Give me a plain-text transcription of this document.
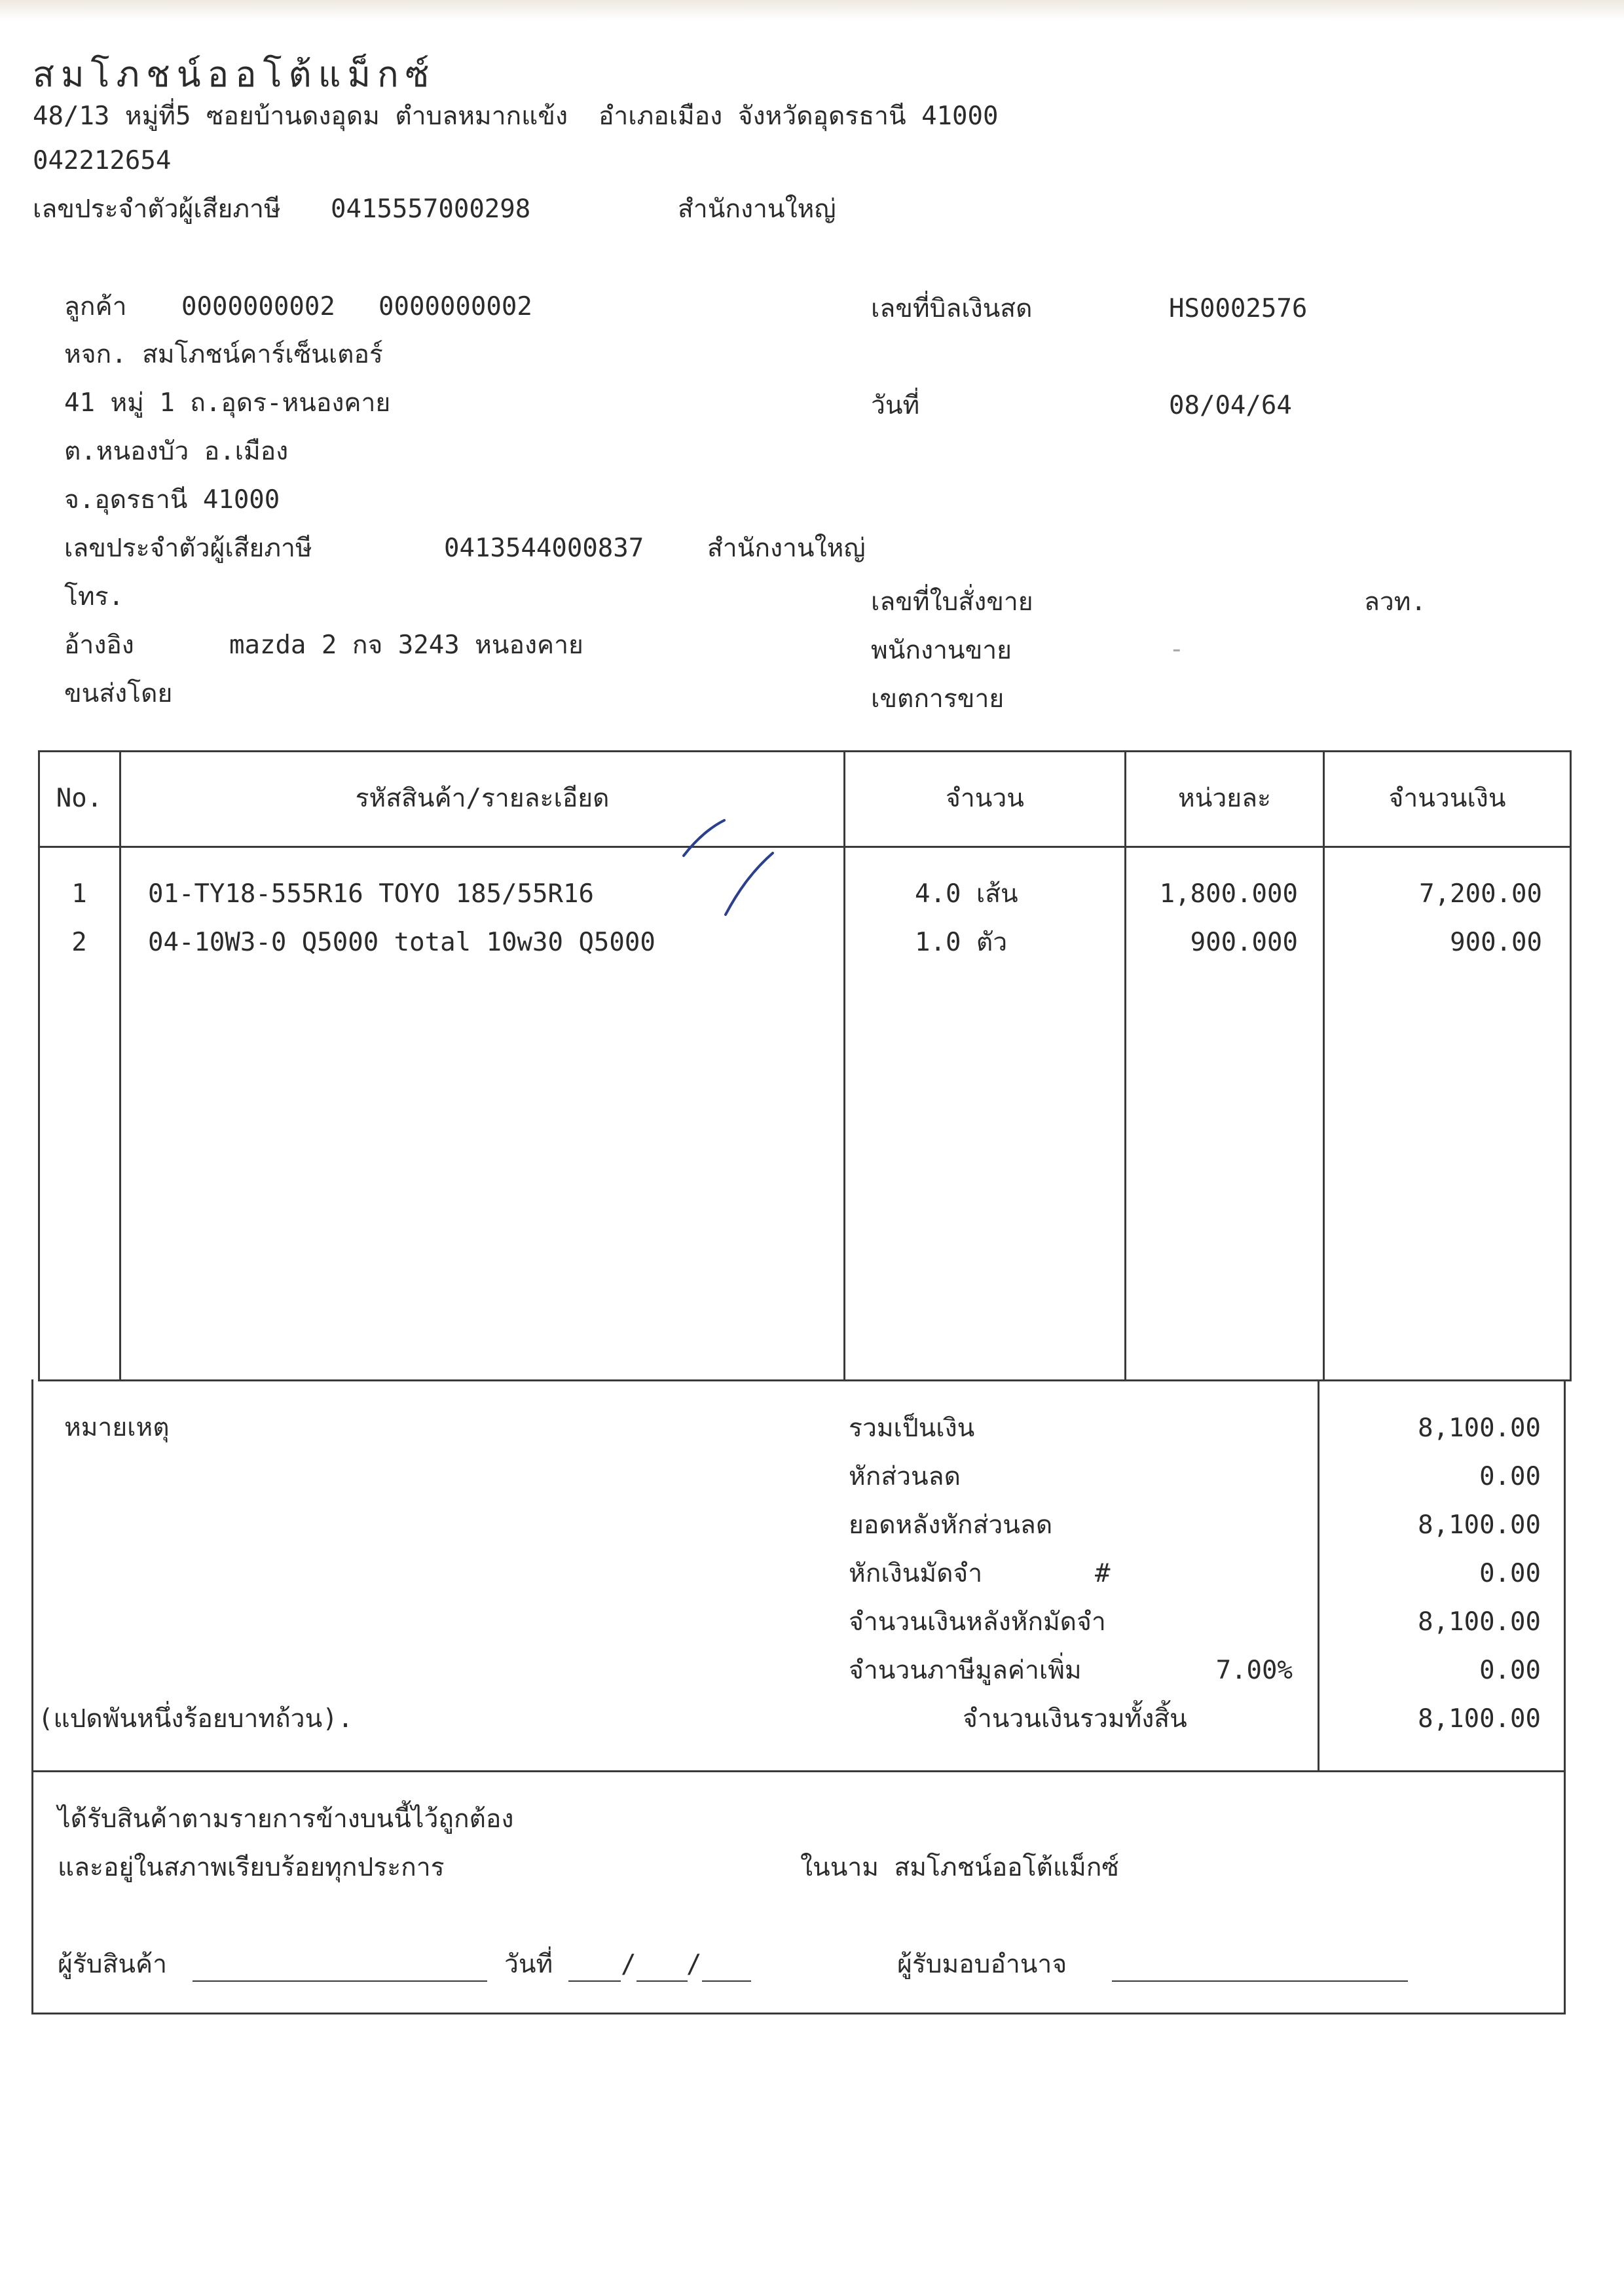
สมโภชน์ออโต้แม็กซ์
48/13 หมู่ที่5 ซอยบ้านดงอุดม ตำบลหมากแข้ง  อำเภอเมือง จังหวัดอุดรธานี 41000
042212654
เลขประจำตัวผู้เสียภาษี 0415557000298	สำนักงานใหญ่
ลูกค้า 0000000002 0000000002
หจก. สมโภชน์คาร์เซ็นเตอร์
41 หมู่ 1 ถ.อุดร-หนองคาย
ต.หนองบัว อ.เมือง
จ.อุดรธานี 41000
เลขประจำตัวผู้เสียภาษี	0413544000837 สำนักงานใหญ่
โทร.
อ้างอิง	mazda 2 กจ 3243 หนองคาย
ขนส่งโดย
เลขที่บิลเงินสด	HS0002576
วันที่	08/04/64
เลขที่ใบสั่งขาย	ลวท.
พนักงานขาย	-
เขตการขาย
No.	รหัสสินค้า/รายละเอียด	จำนวน	หน่วยละ	จำนวนเงิน
1	01-TY18-555R16 TOYO 185/55R16	4.0 เส้น	1,800.000	7,200.00
2	04-10W3-0 Q5000 total 10w30 Q5000	1.0 ตัว	900.000	900.00
หมายเหตุ
(แปดพันหนึ่งร้อยบาทถ้วน).
รวมเป็นเงิน	8,100.00
หักส่วนลด	0.00
ยอดหลังหักส่วนลด	8,100.00
หักเงินมัดจำ	#	0.00
จำนวนเงินหลังหักมัดจำ	8,100.00
จำนวนภาษีมูลค่าเพิ่ม	7.00%	0.00
จำนวนเงินรวมทั้งสิ้น	8,100.00
ได้รับสินค้าตามรายการข้างบนนี้ไว้ถูกต้อง
และอยู่ในสภาพเรียบร้อยทุกประการ	ในนาม สมโภชน์ออโต้แม็กซ์
ผู้รับสินค้า	วันที่	/ /	ผู้รับมอบอำนาจ
